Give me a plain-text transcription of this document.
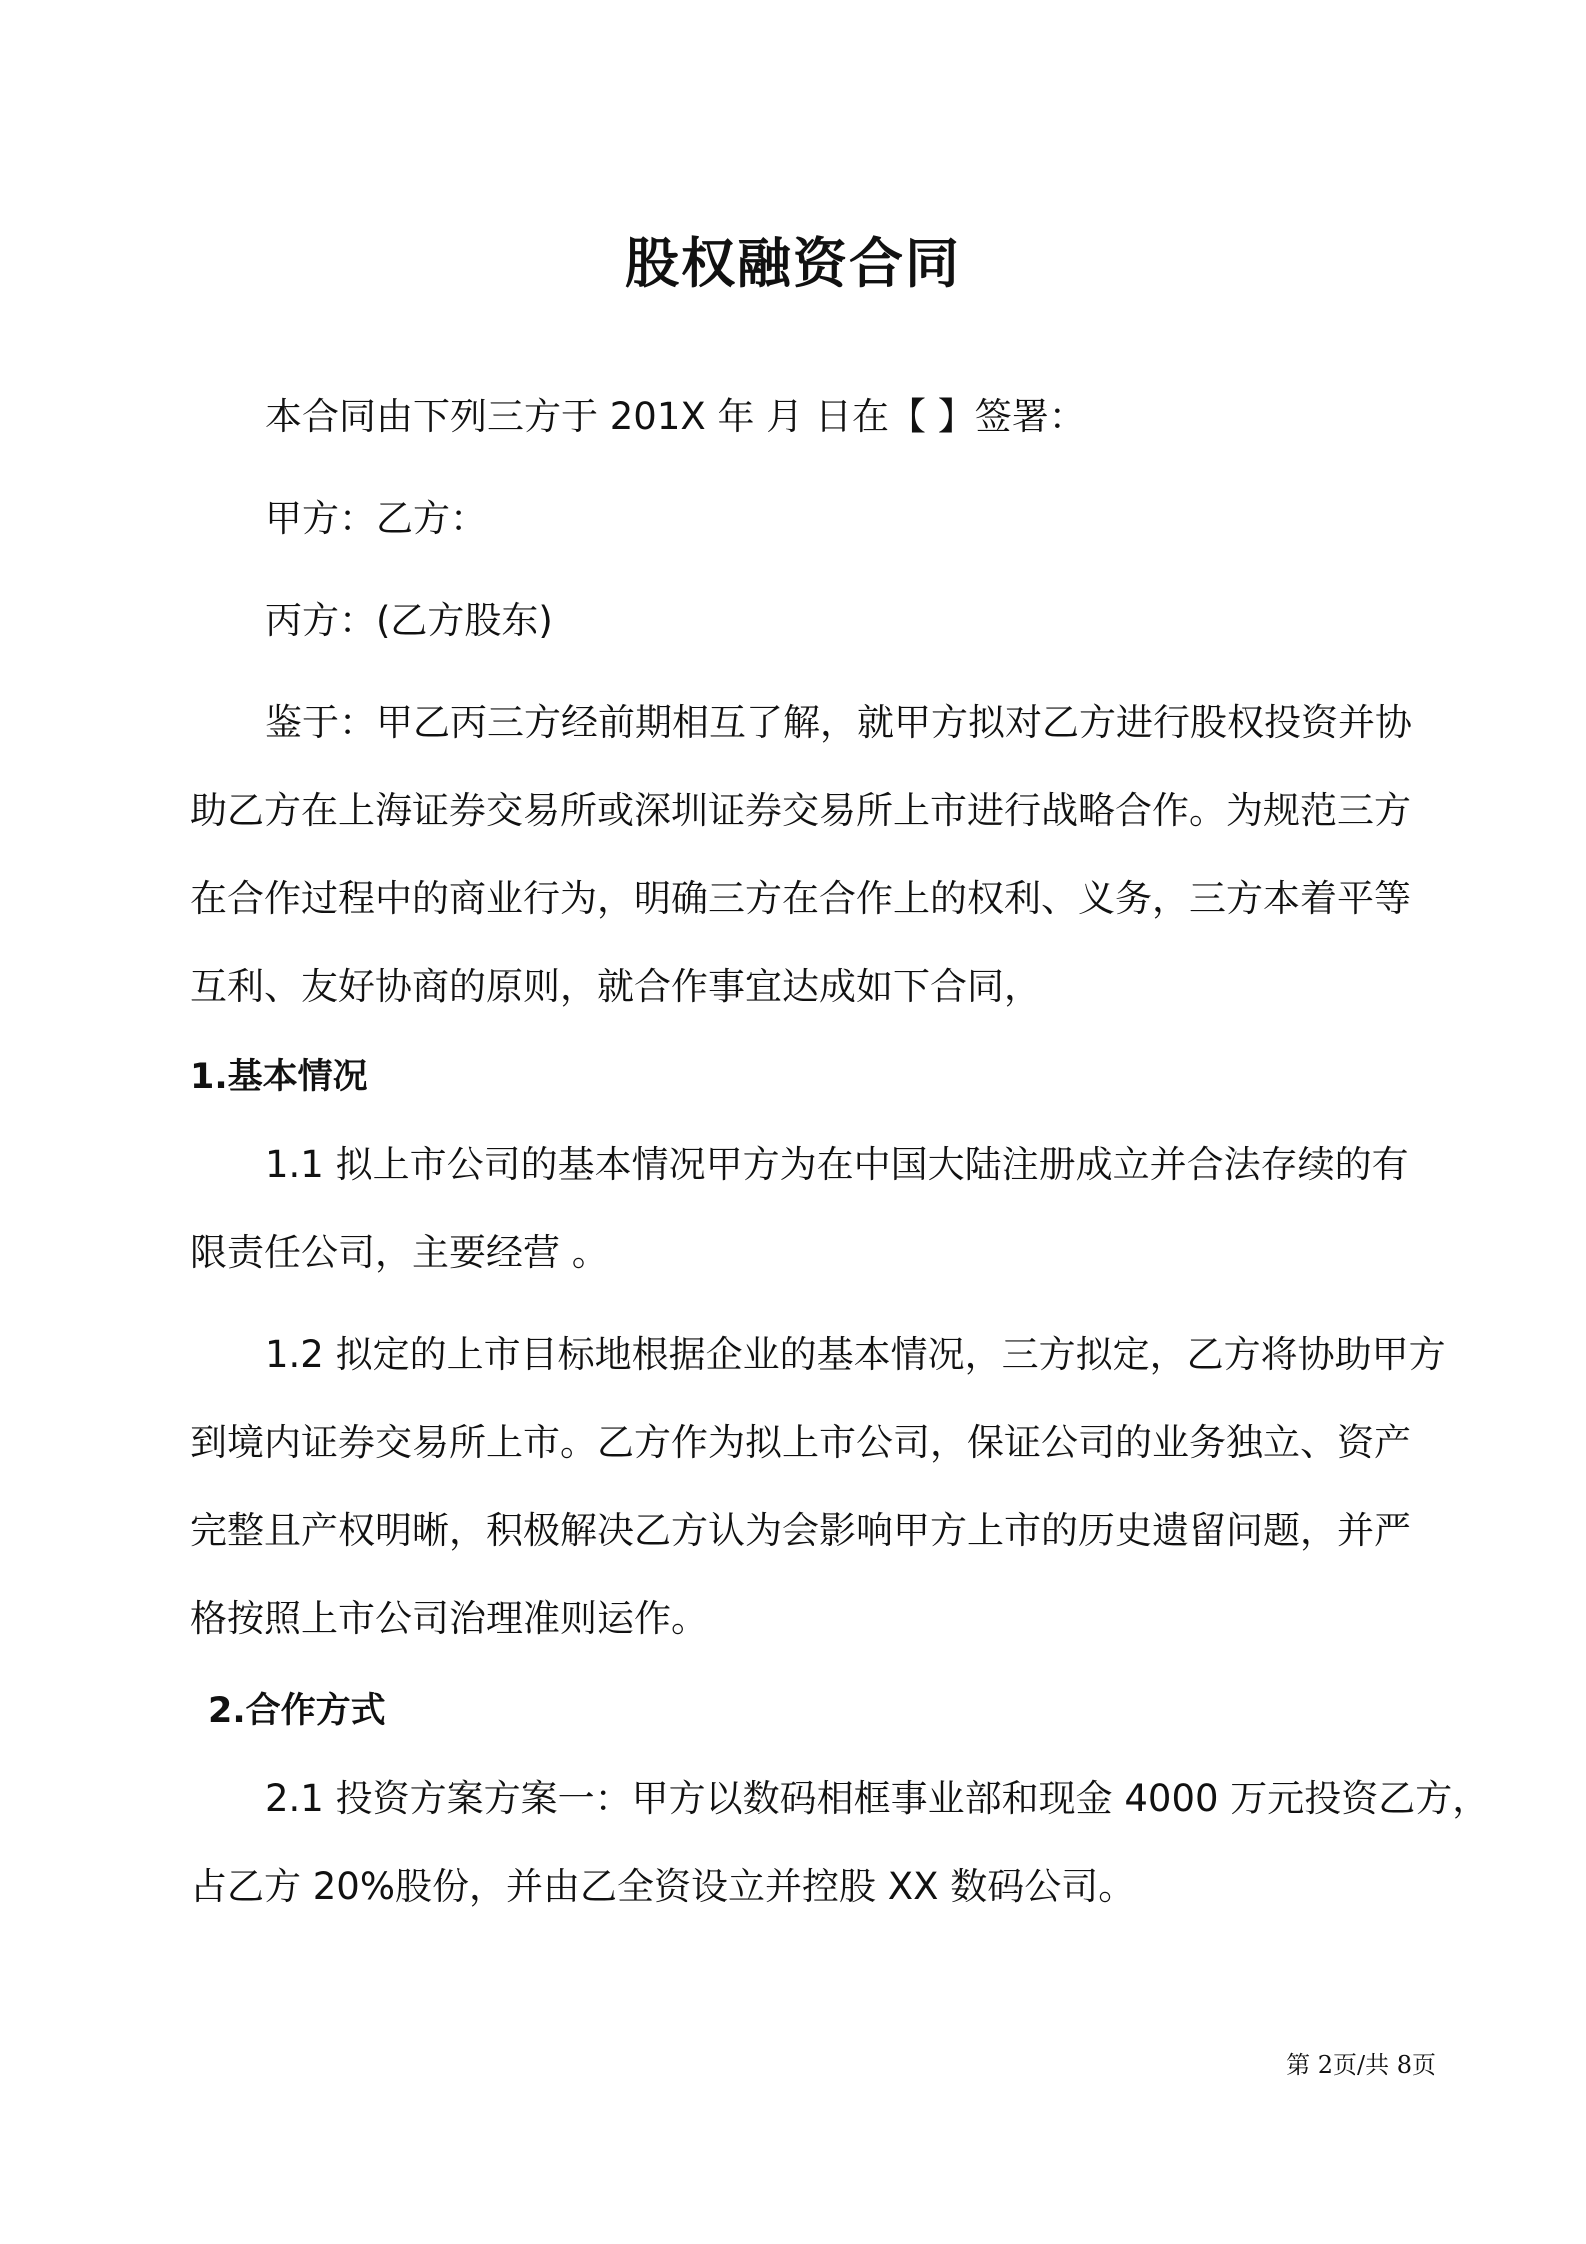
股权融资合同
本合同由下列三方于 201X 年 月 日在【 】签署：
甲方：乙方：
丙方：(乙方股东)
鉴于：甲乙丙三方经前期相互了解，就甲方拟对乙方进行股权投资并协
助乙方在上海证券交易所或深圳证券交易所上市进行战略合作。为规范三方
在合作过程中的商业行为，明确三方在合作上的权利、义务，三方本着平等
互利、友好协商的原则，就合作事宜达成如下合同，
1.基本情况
1.1 拟上市公司的基本情况甲方为在中国大陆注册成立并合法存续的有
限责任公司，主要经营 。
1.2 拟定的上市目标地根据企业的基本情况，三方拟定，乙方将协助甲方
到境内证券交易所上市。乙方作为拟上市公司，保证公司的业务独立、资产
完整且产权明晰，积极解决乙方认为会影响甲方上市的历史遗留问题，并严
格按照上市公司治理准则运作。
2.合作方式
2.1 投资方案方案一：甲方以数码相框事业部和现金 4000 万元投资乙方，
占乙方 20%股份，并由乙全资设立并控股 XX 数码公司。
第 2页/共 8页
